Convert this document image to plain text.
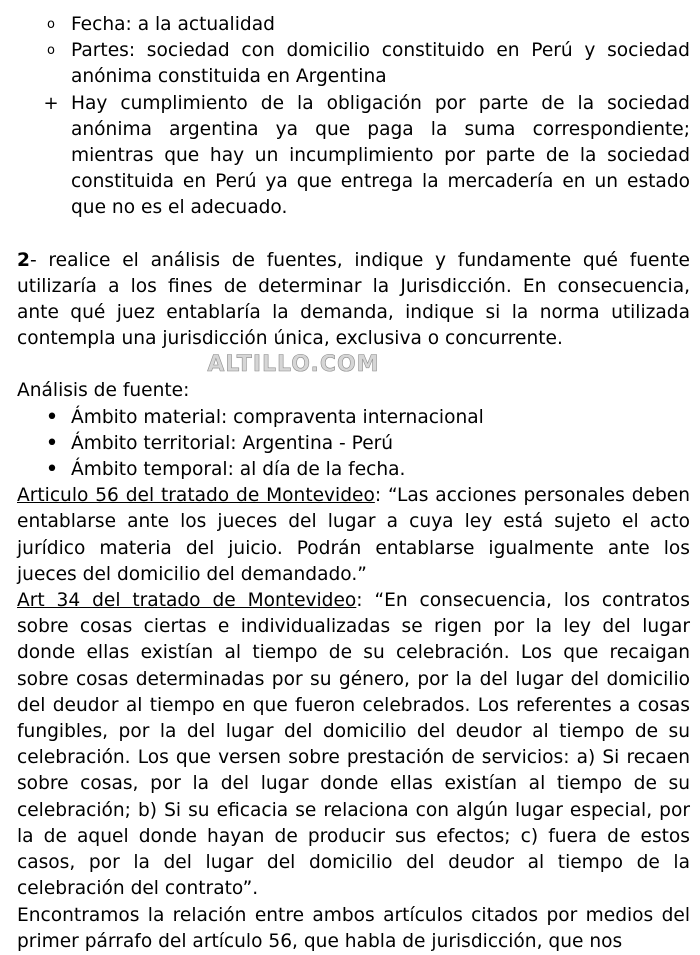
o Fecha: a la actualidad

o Partes: sociedad con domicilio constituido en Perú y sociedad anónima constituida en Argentina

+ Hay cumplimiento de la obligación por parte de la sociedad anónima argentina ya que paga la suma correspondiente; mientras que hay un incumplimiento por parte de la sociedad constituida en Perú ya que entrega la mercadería en un estado que no es el adecuado.

2- realice el análisis de fuentes, indique y fundamente qué fuente utilizaría a los fines de determinar la Jurisdicción. En consecuencia, ante qué juez entablaría la demanda, indique si la norma utilizada contempla una jurisdicción única, exclusiva o concurrente.

ALTILLO.COM

Análisis de fuente:

• Ámbito material: compraventa internacional

• Ámbito territorial: Argentina - Perú

• Ámbito temporal: al día de la fecha.

Articulo 56 del tratado de Montevideo: “Las acciones personales deben entablarse ante los jueces del lugar a cuya ley está sujeto el acto jurídico materia del juicio. Podrán entablarse igualmente ante los jueces del domicilio del demandado.”

Art 34 del tratado de Montevideo: “En consecuencia, los contratos sobre cosas ciertas e individualizadas se rigen por la ley del lugar donde ellas existían al tiempo de su celebración. Los que recaigan sobre cosas determinadas por su género, por la del lugar del domicilio del deudor al tiempo en que fueron celebrados. Los referentes a cosas fungibles, por la del lugar del domicilio del deudor al tiempo de su celebración. Los que versen sobre prestación de servicios: a) Si recaen sobre cosas, por la del lugar donde ellas existían al tiempo de su celebración; b) Si su eficacia se relaciona con algún lugar especial, por la de aquel donde hayan de producir sus efectos; c) fuera de estos casos, por la del lugar del domicilio del deudor al tiempo de la celebración del contrato”.

Encontramos la relación entre ambos artículos citados por medios del primer párrafo del artículo 56, que habla de jurisdicción, que nos
